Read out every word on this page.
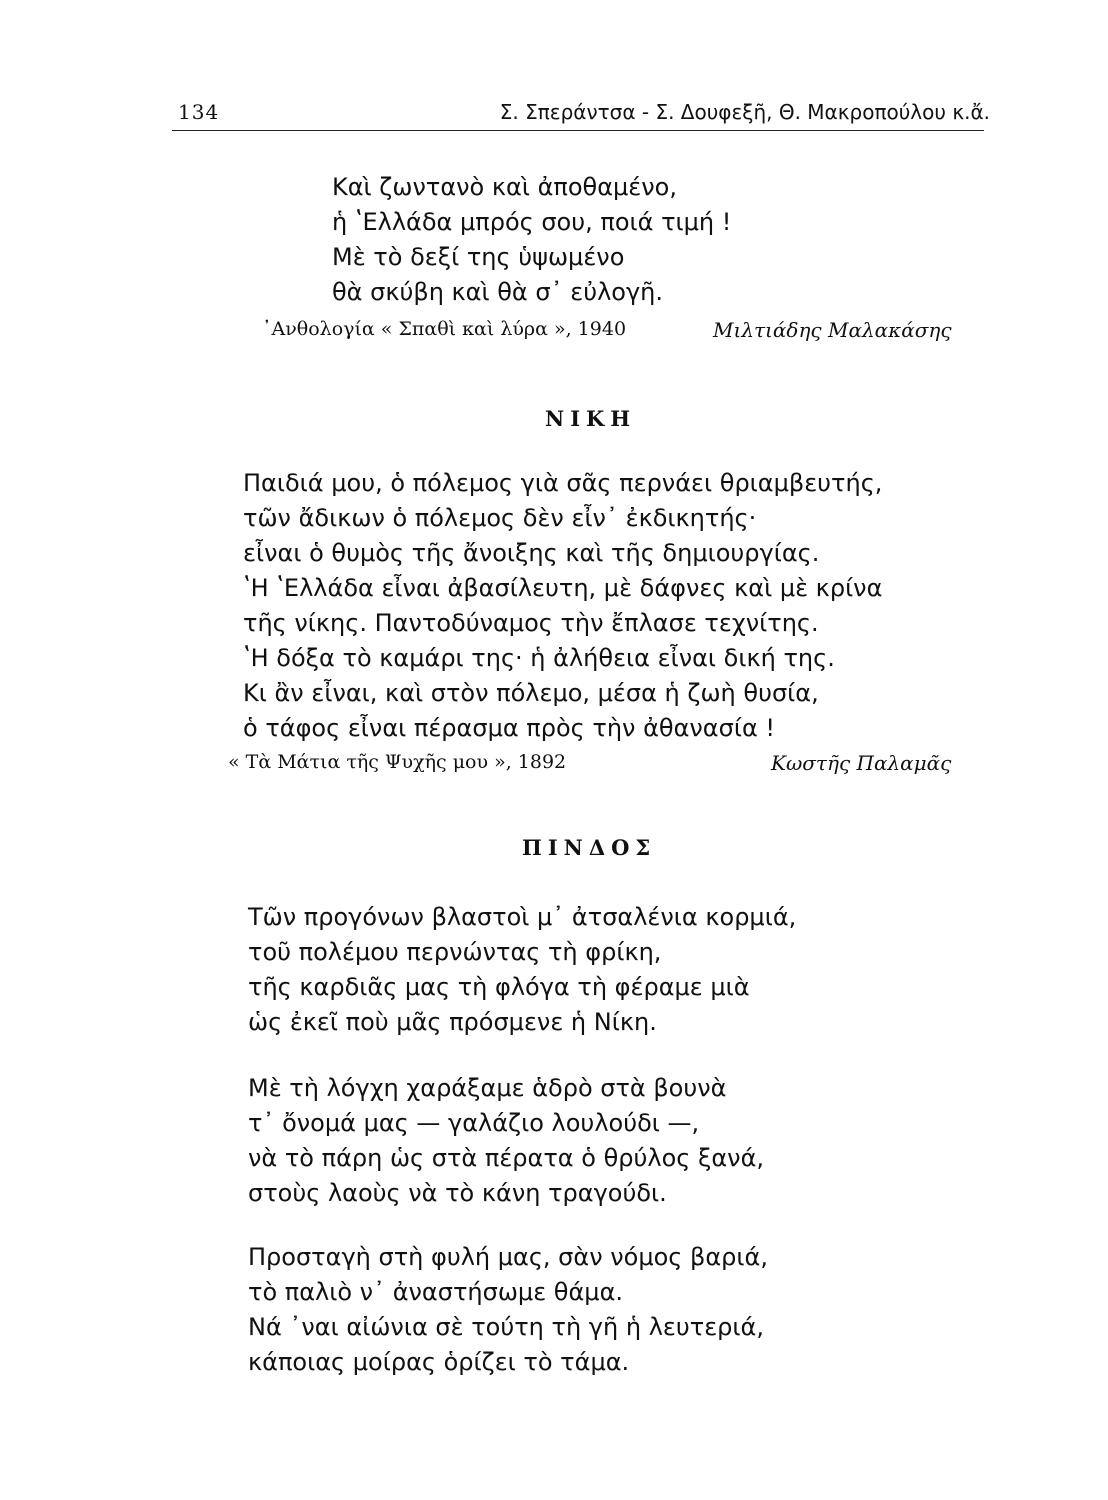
134	Σ. Σπεράντσα - Σ. Δουφεξῆ, Θ. Μακροπούλου κ.ἄ.
Καὶ ζωντανὸ καὶ ἀποθαμένο,
ἡ ʽΕλλάδα μπρός σου, ποιά τιμή !
Μὲ τὸ δεξί της ὑψωμένο
θὰ σκύβη καὶ θὰ σ᾽ εὐλογῆ.
᾽Ανθολογία « Σπαθὶ καὶ λύρα », 1940	Μιλτιάδης Μαλακάσης
ΝΙΚΗ
Παιδιά μου, ὁ πόλεμος γιὰ σᾶς περνάει θριαμβευτής,
τῶν ἄδικων ὁ πόλεμος δὲν εἶν᾽ ἐκδικητής·
εἶναι ὁ θυμὸς τῆς ἄνοιξης καὶ τῆς δημιουργίας.
ʽΗ ʽΕλλάδα εἶναι ἀβασίλευτη, μὲ δάφνες καὶ μὲ κρίνα
τῆς νίκης. Παντοδύναμος τὴν ἔπλασε τεχνίτης.
ʽΗ δόξα τὸ καμάρι της· ἡ ἀλήθεια εἶναι δική της.
Κι ἂν εἶναι, καὶ στὸν πόλεμο, μέσα ἡ ζωὴ θυσία,
ὁ τάφος εἶναι πέρασμα πρὸς τὴν ἀθανασία !
« Τὰ Μάτια τῆς Ψυχῆς μου », 1892	Κωστῆς Παλαμᾶς
ΠΙΝΔΟΣ
Τῶν προγόνων βλαστοὶ μ᾽ ἀτσαλένια κορμιά,
τοῦ πολέμου περνώντας τὴ φρίκη,
τῆς καρδιᾶς μας τὴ φλόγα τὴ φέραμε μιὰ
ὡς ἐκεῖ ποὺ μᾶς πρόσμενε ἡ Νίκη.
Μὲ τὴ λόγχη χαράξαμε ἁδρὸ στὰ βουνὰ
τ᾽ ὄνομά μας — γαλάζιο λουλούδι —,
νὰ τὸ πάρη ὡς στὰ πέρατα ὁ θρύλος ξανά,
στοὺς λαοὺς νὰ τὸ κάνη τραγούδι.
Προσταγὴ στὴ φυλή μας, σὰν νόμος βαριά,
τὸ παλιὸ ν᾽ ἀναστήσωμε θάμα.
Νά ᾽ναι αἰώνια σὲ τούτη τὴ γῆ ἡ λευτεριά,
κάποιας μοίρας ὁρίζει τὸ τάμα.
